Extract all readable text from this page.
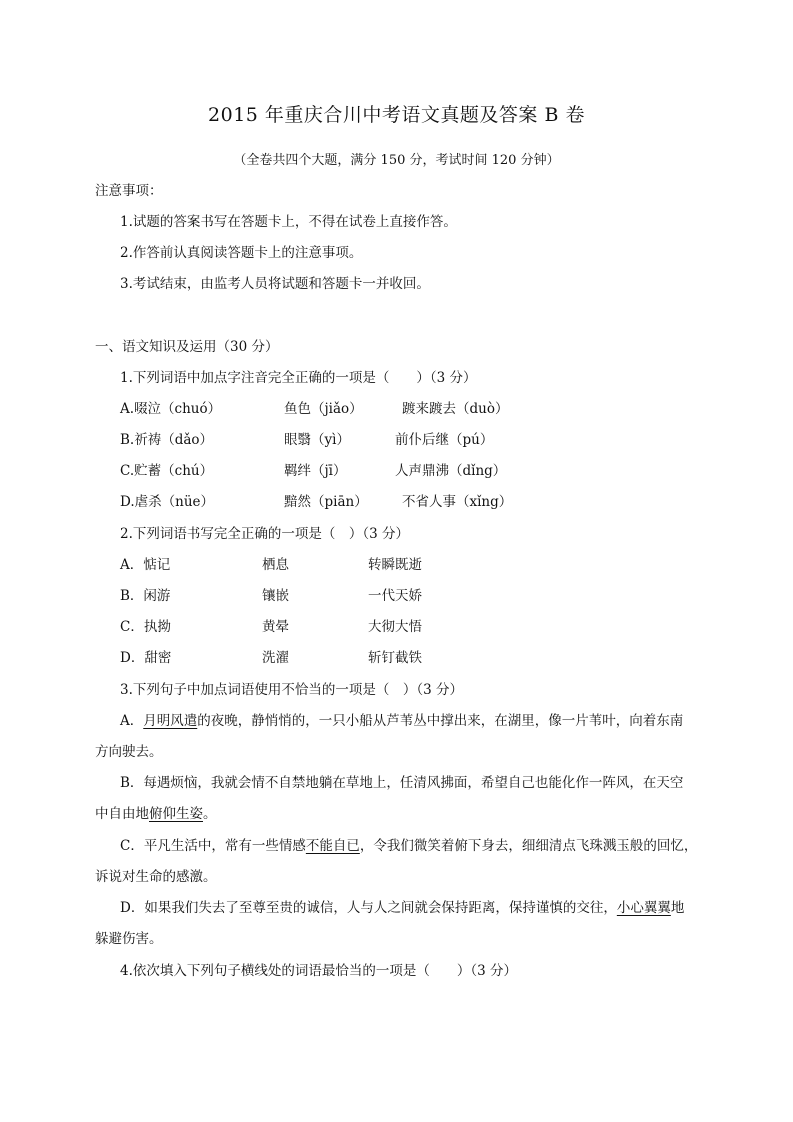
2015 年重庆合川中考语文真题及答案 B 卷
（全卷共四个大题，满分 150 分，考试时间 120 分钟）
注意事项：
1.试题的答案书写在答题卡上，不得在试卷上直接作答。
2.作答前认真阅读答题卡上的注意事项。
3.考试结束，由监考人员将试题和答题卡一并收回。
一、语文知识及运用（30 分）
1.下列词语中加点字注音完全正确的一项是（　　）（3 分）
A.啜泣（chuó）	鱼色（jiǎo）	踱来踱去（duò）
B.祈祷（dǎo）	眼翳（yì）	前仆后继（pú）
C.贮蓄（chú）	羁绊（jī）	人声鼎沸（dǐng）
D.虐杀（nüe）	黯然（piān）	不省人事（xǐng）
2.下列词语书写完全正确的一项是（　）（3 分）
A．惦记	栖息	转瞬既逝
B．闲游	镶嵌	一代天娇
C．执拗	黄晕	大彻大悟
D．甜密	洗濯	斩钉截铁
3.下列句子中加点词语使用不恰当的一项是（　）（3 分）
A．月明风遣的夜晚，静悄悄的，一只小船从芦苇丛中撑出来，在湖里，像一片苇叶，向着东南
方向驶去。
B．每遇烦恼，我就会情不自禁地躺在草地上，任清风拂面，希望自己也能化作一阵风，在天空
中自由地俯仰生姿。
C．平凡生活中，常有一些情感不能自已，令我们微笑着俯下身去，细细清点飞珠溅玉般的回忆，
诉说对生命的感激。
D．如果我们失去了至尊至贵的诚信，人与人之间就会保持距离，保持谨慎的交往，小心翼翼地
躲避伤害。
4.依次填入下列句子横线处的词语最恰当的一项是（　　）（3 分）
